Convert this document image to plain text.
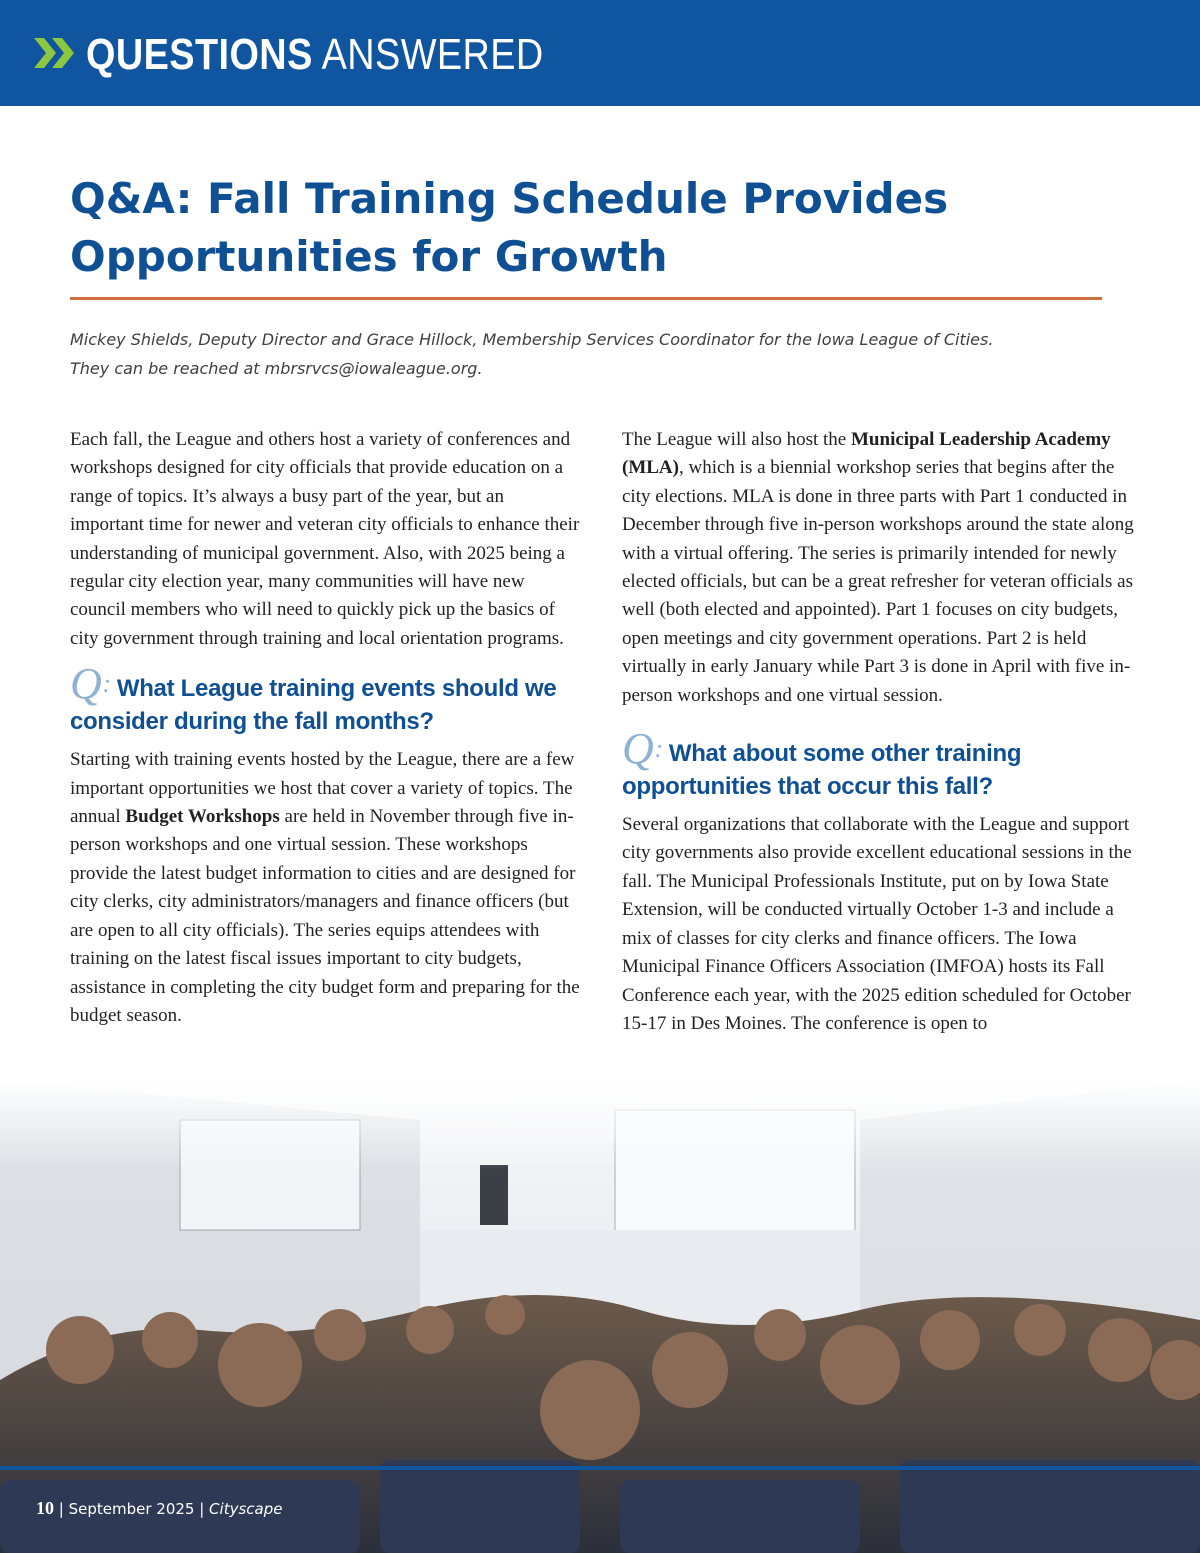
QUESTIONS ANSWERED
Q&A: Fall Training Schedule Provides Opportunities for Growth

Mickey Shields, Deputy Director and Grace Hillock, Membership Services Coordinator for the Iowa League of Cities.

They can be reached at mbrsrvcs@iowaleague.org.

Each fall, the League and others host a variety of conferences and workshops designed for city officials that provide education on a range of topics. It’s always a busy part of the year, but an important time for newer and veteran city officials to enhance their understanding of municipal government. Also, with 2025 being a regular city election year, many communities will have new council members who will need to quickly pick up the basics of city government through training and local orientation programs.

Q: What League training events should we consider during the fall months?

Starting with training events hosted by the League, there are a few important opportunities we host that cover a variety of topics. The annual Budget Workshops are held in November through five in-person workshops and one virtual session. These workshops provide the latest budget information to cities and are designed for city clerks, city administrators/managers and finance officers (but are open to all city officials). The series equips attendees with training on the latest fiscal issues important to city budgets, assistance in completing the city budget form and preparing for the budget season.

The League will also host the Municipal Leadership Academy (MLA), which is a biennial workshop series that begins after the city elections. MLA is done in three parts with Part 1 conducted in December through five in-person workshops around the state along with a virtual offering. The series is primarily intended for newly elected officials, but can be a great refresher for veteran officials as well (both elected and appointed). Part 1 focuses on city budgets, open meetings and city government operations. Part 2 is held virtually in early January while Part 3 is done in April with five in-person workshops and one virtual session.

Q: What about some other training opportunities that occur this fall?

Several organizations that collaborate with the League and support city governments also provide excellent educational sessions in the fall. The Municipal Professionals Institute, put on by Iowa State Extension, will be conducted virtually October 1-3 and include a mix of classes for city clerks and finance officers. The Iowa Municipal Finance Officers Association (IMFOA) hosts its Fall Conference each year, with the 2025 edition scheduled for October 15-17 in Des Moines. The conference is open to

10 | September 2025 | Cityscape
